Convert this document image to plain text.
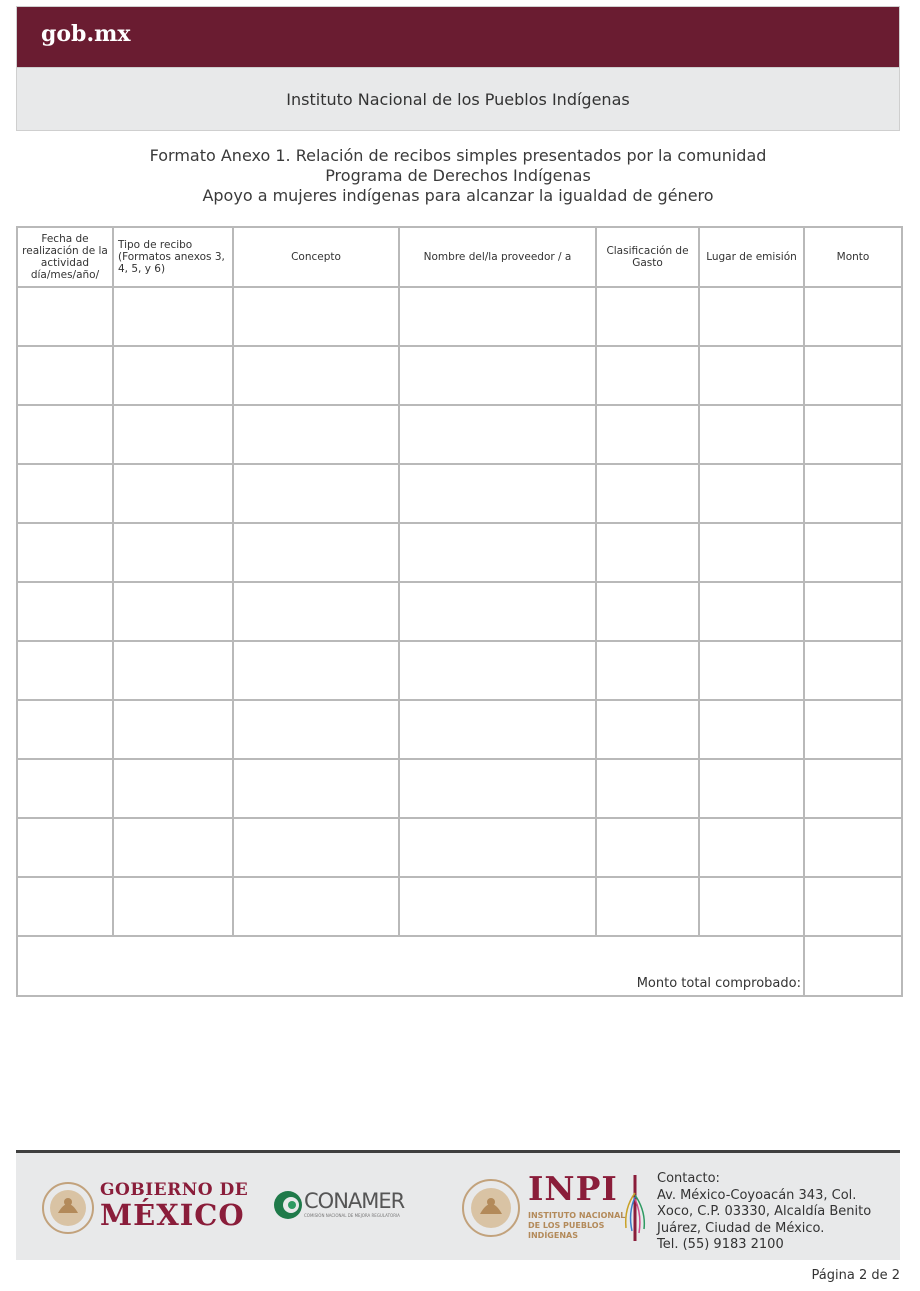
gob.mx
Instituto Nacional de los Pueblos Indígenas
Formato Anexo 1. Relación de recibos simples presentados por la comunidad
Programa de Derechos Indígenas
Apoyo a mujeres indígenas para alcanzar la igualdad de género
Fecha de realización de la actividad día/mes/año/	Tipo de recibo (Formatos anexos 3, 4, 5, y 6)	Concepto	Nombre del/la proveedor / a	Clasificación de Gasto	Lugar de emisión	Monto

Monto total comprobado:						
GOBIERNO DE
MÉXICO	CONAMER
COMISIÓN NACIONAL DE MEJORA REGULATORIA
INPI
INSTITUTO NACIONAL DE LOS PUEBLOS INDÍGENAS
Contacto:
Av. México-Coyoacán 343, Col.
Xoco, C.P. 03330, Alcaldía Benito
Juárez, Ciudad de México.
Tel. (55) 9183 2100
Página 2 de 2
